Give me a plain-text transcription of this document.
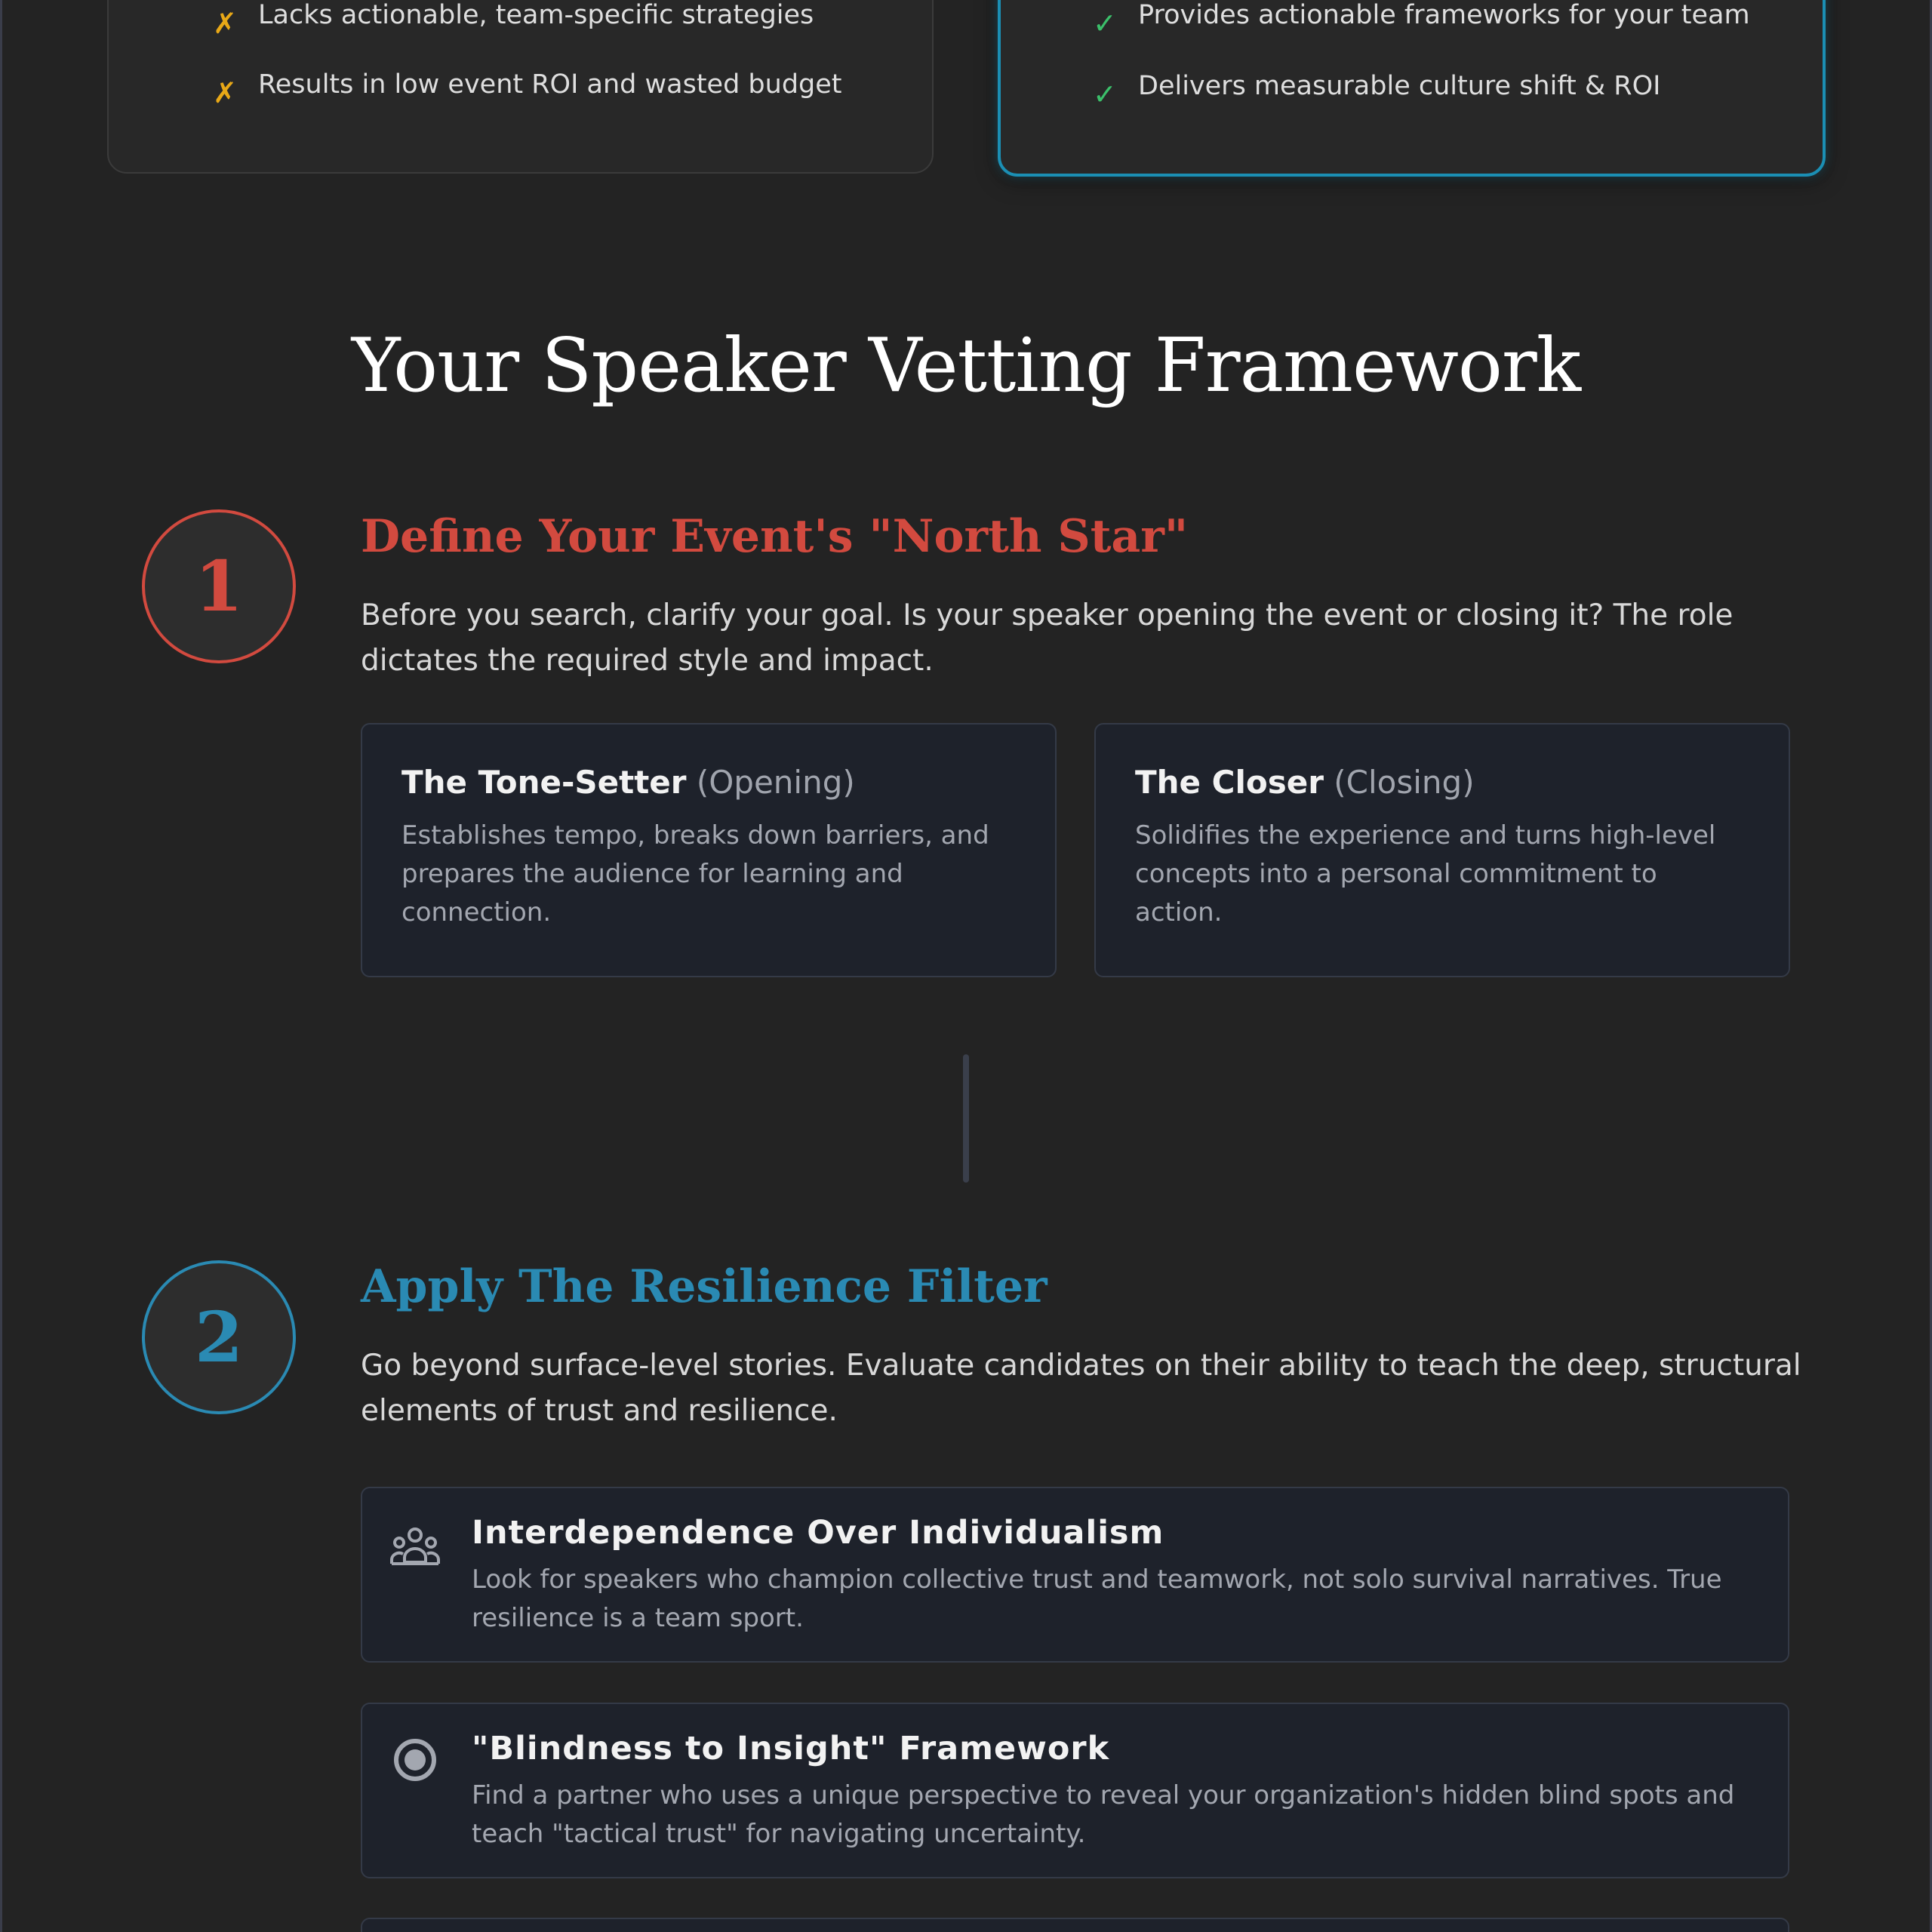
✗ Lacks actionable, team-specific strategies
✗ Results in low event ROI and wasted budget
✓ Provides actionable frameworks for your team
✓ Delivers measurable culture shift & ROI
Your Speaker Vetting Framework
1
Define Your Event's "North Star"
Before you search, clarify your goal. Is your speaker opening the event or closing it? The role dictates the required style and impact.
The Tone-Setter (Opening)
Establishes tempo, breaks down barriers, and prepares the audience for learning and connection.
The Closer (Closing)
Solidifies the experience and turns high-level concepts into a personal commitment to action.
2
Apply The Resilience Filter
Go beyond surface-level stories. Evaluate candidates on their ability to teach the deep, structural elements of trust and resilience.
Interdependence Over Individualism
Look for speakers who champion collective trust and teamwork, not solo survival narratives. True resilience is a team sport.
"Blindness to Insight" Framework
Find a partner who uses a unique perspective to reveal your organization's hidden blind spots and teach "tactical trust" for navigating uncertainty.
